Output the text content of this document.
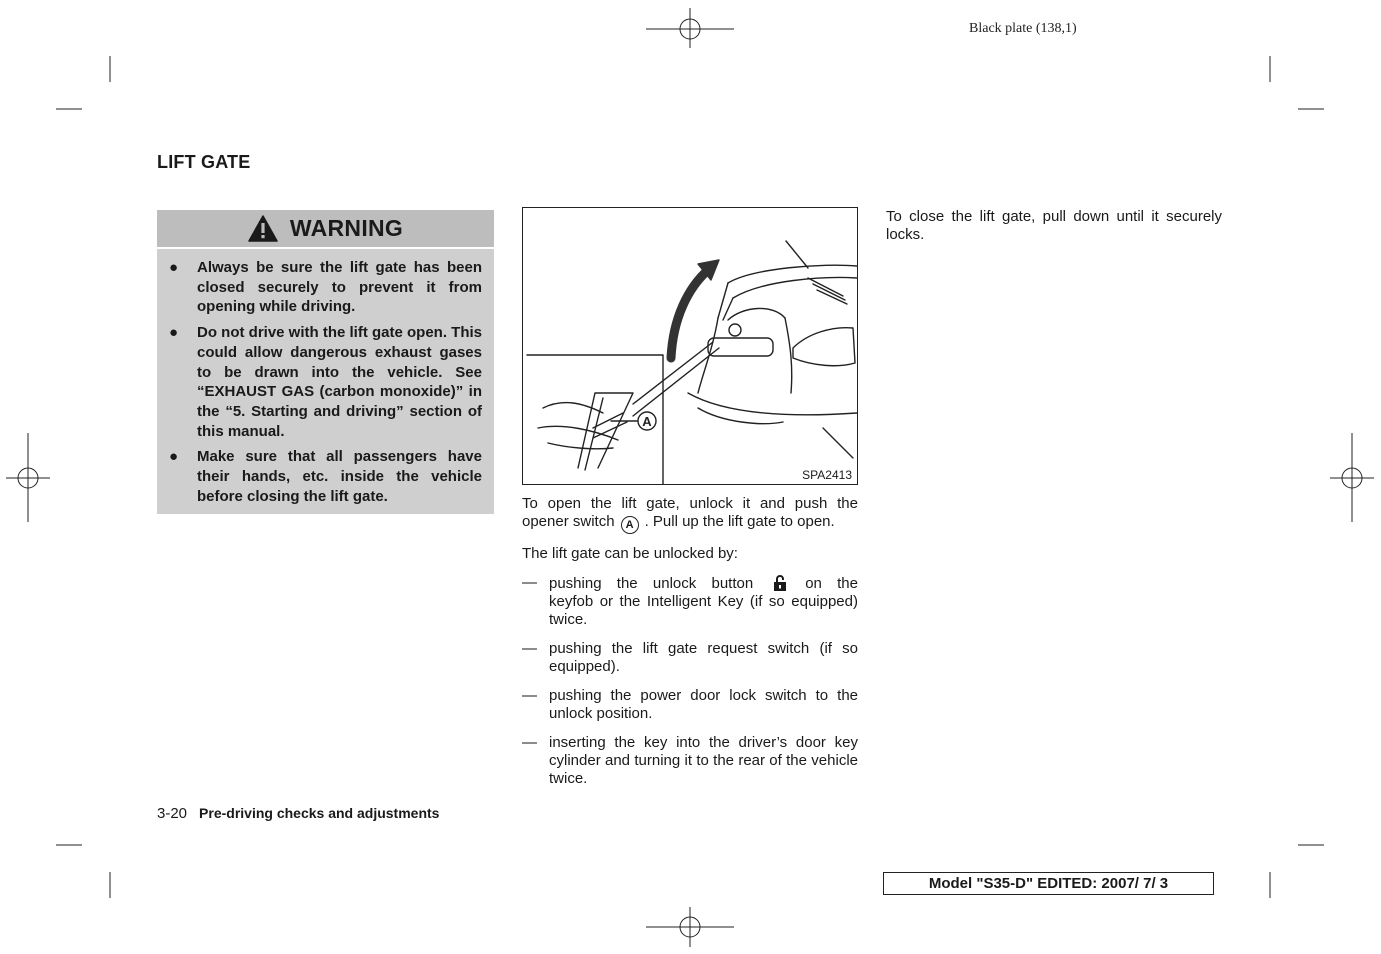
Black plate (138,1)
LIFT GATE
WARNING
● Always be sure the lift gate has been closed securely to prevent it from opening while driving.
● Do not drive with the lift gate open. This could allow dangerous exhaust gases to be drawn into the vehicle. See “EXHAUST GAS (carbon monoxide)” in the “5. Starting and driving” section of this manual.
● Make sure that all passengers have their hands, etc. inside the vehicle before closing the lift gate.
A
SPA2413

To open the lift gate, unlock it and push the opener switch A . Pull up the lift gate to open.

The lift gate can be unlocked by:

— pushing the unlock button	on the keyfob or the Intelligent Key (if so equipped) twice.
— pushing the lift gate request switch (if so equipped).
— pushing the power door lock switch to the unlock position.
— inserting the key into the driver’s door key cylinder and turning it to the rear of the vehicle twice.
To close the lift gate, pull down until it securely locks.
3-20 Pre-driving checks and adjustments
Model "S35-D" EDITED: 2007/ 7/ 3
